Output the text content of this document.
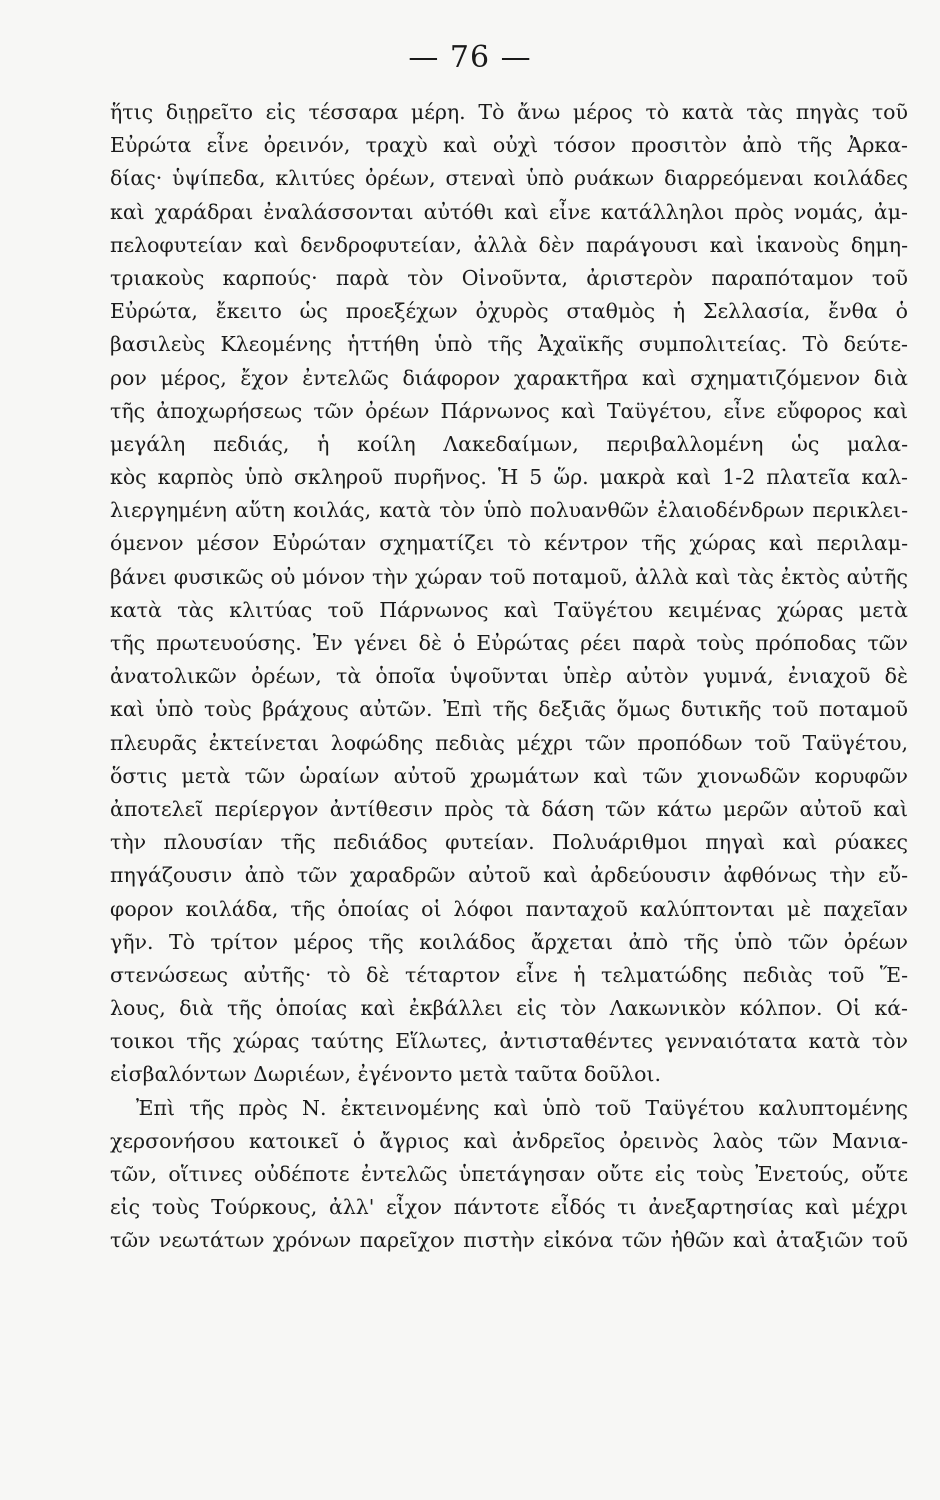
— 76 —
ἥτις διῃρεῖτο εἰς τέσσαρα μέρη. Τὸ ἄνω μέρος τὸ κατὰ τὰς πηγὰς τοῦ
Εὐρώτα εἶνε ὀρεινόν, τραχὺ καὶ οὐχὶ τόσον προσιτὸν ἀπὸ τῆς Ἀρκα-
δίας· ὑψίπεδα, κλιτύες ὀρέων, στεναὶ ὑπὸ ρυάκων διαρρεόμεναι κοιλάδες
καὶ χαράδραι ἐναλάσσονται αὐτόθι καὶ εἶνε κατάλληλοι πρὸς νομάς, ἀμ-
πελοφυτείαν καὶ δενδροφυτείαν, ἀλλὰ δὲν παράγουσι καὶ ἱκανοὺς δημη-
τριακοὺς καρπούς· παρὰ τὸν Οἰνοῦντα, ἀριστερὸν παραπόταμον τοῦ
Εὐρώτα, ἔκειτο ὡς προεξέχων ὀχυρὸς σταθμὸς ἡ Σελλασία, ἔνθα ὁ
βασιλεὺς Κλεομένης ἡττήθη ὑπὸ τῆς Ἀχαϊκῆς συμπολιτείας. Τὸ δεύτε-
ρον μέρος, ἔχον ἐντελῶς διάφορον χαρακτῆρα καὶ σχηματιζόμενον διὰ
τῆς ἀποχωρήσεως τῶν ὀρέων Πάρνωνος καὶ Ταϋγέτου, εἶνε εὔφορος καὶ
μεγάλη πεδιάς, ἡ κοίλη Λακεδαίμων, περιβαλλομένη ὡς μαλα-
κὸς καρπὸς ὑπὸ σκληροῦ πυρῆνος. Ἡ 5 ὥρ. μακρὰ καὶ 1-2 πλατεῖα καλ-
λιεργημένη αὕτη κοιλάς, κατὰ τὸν ὑπὸ πολυανθῶν ἐλαιοδένδρων περικλει-
όμενον μέσον Εὐρώταν σχηματίζει τὸ κέντρον τῆς χώρας καὶ περιλαμ-
βάνει φυσικῶς οὐ μόνον τὴν χώραν τοῦ ποταμοῦ, ἀλλὰ καὶ τὰς ἐκτὸς αὐτῆς
κατὰ τὰς κλιτύας τοῦ Πάρνωνος καὶ Ταϋγέτου κειμένας χώρας μετὰ
τῆς πρωτευούσης. Ἐν γένει δὲ ὁ Εὐρώτας ρέει παρὰ τοὺς πρόποδας τῶν
ἀνατολικῶν ὀρέων, τὰ ὁποῖα ὑψοῦνται ὑπὲρ αὐτὸν γυμνά, ἐνιαχοῦ δὲ
καὶ ὑπὸ τοὺς βράχους αὐτῶν. Ἐπὶ τῆς δεξιᾶς ὅμως δυτικῆς τοῦ ποταμοῦ
πλευρᾶς ἐκτείνεται λοφώδης πεδιὰς μέχρι τῶν προπόδων τοῦ Ταϋγέτου,
ὅστις μετὰ τῶν ὡραίων αὐτοῦ χρωμάτων καὶ τῶν χιονωδῶν κορυφῶν
ἀποτελεῖ περίεργον ἀντίθεσιν πρὸς τὰ δάση τῶν κάτω μερῶν αὐτοῦ καὶ
τὴν πλουσίαν τῆς πεδιάδος φυτείαν. Πολυάριθμοι πηγαὶ καὶ ρύακες
πηγάζουσιν ἀπὸ τῶν χαραδρῶν αὐτοῦ καὶ ἀρδεύουσιν ἀφθόνως τὴν εὔ-
φορον κοιλάδα, τῆς ὁποίας οἱ λόφοι πανταχοῦ καλύπτονται μὲ παχεῖαν
γῆν. Τὸ τρίτον μέρος τῆς κοιλάδος ἄρχεται ἀπὸ τῆς ὑπὸ τῶν ὀρέων
στενώσεως αὐτῆς· τὸ δὲ τέταρτον εἶνε ἡ τελματώδης πεδιὰς τοῦ Ἕ-
λους, διὰ τῆς ὁποίας καὶ ἐκβάλλει εἰς τὸν Λακωνικὸν κόλπον. Οἱ κά-
τοικοι τῆς χώρας ταύτης Εἵλωτες, ἀντισταθέντες γενναιότατα κατὰ τὸν
εἰσβαλόντων Δωριέων, ἐγένοντο μετὰ ταῦτα δοῦλοι.
Ἐπὶ τῆς πρὸς Ν. ἐκτεινομένης καὶ ὑπὸ τοῦ Ταϋγέτου καλυπτομένης
χερσονήσου κατοικεῖ ὁ ἄγριος καὶ ἀνδρεῖος ὀρεινὸς λαὸς τῶν Μανια-
τῶν, οἵτινες οὐδέποτε ἐντελῶς ὑπετάγησαν οὔτε εἰς τοὺς Ἐνετούς, οὔτε
εἰς τοὺς Τούρκους, ἀλλ' εἶχον πάντοτε εἶδός τι ἀνεξαρτησίας καὶ μέχρι
τῶν νεωτάτων χρόνων παρεῖχον πιστὴν εἰκόνα τῶν ἠθῶν καὶ ἀταξιῶν τοῦ
